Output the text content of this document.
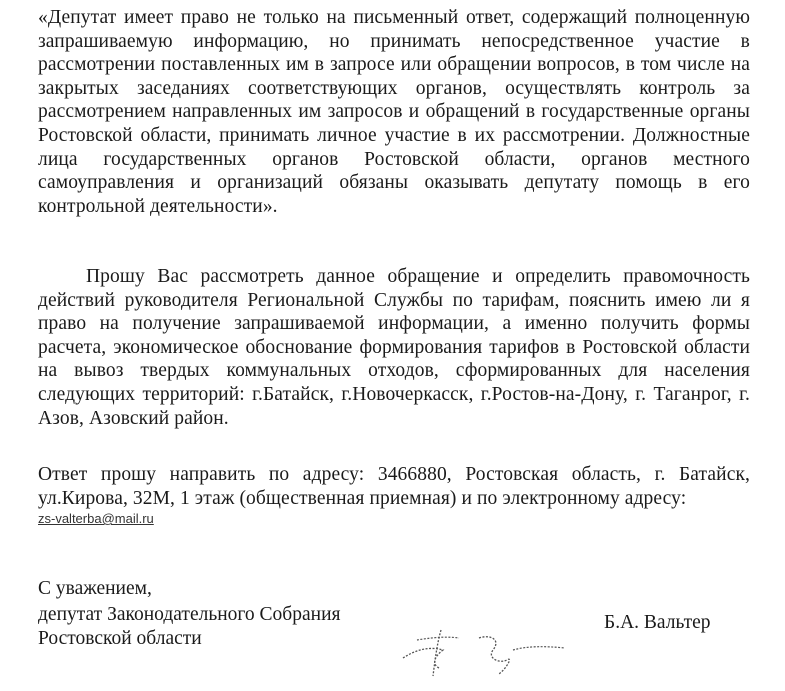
«Депутат имеет право не только на письменный ответ, содержащий полноценную запрашиваемую информацию, но принимать непосредственное участие в рассмотрении поставленных им в запросе или обращении вопросов, в том числе на закрытых заседаниях соответствующих органов, осуществлять контроль за рассмотрением направленных им запросов и обращений в государственные органы Ростовской области, принимать личное участие в их рассмотрении. Должностные лица государственных органов Ростовской области, органов местного самоуправления и организаций обязаны оказывать депутату помощь в его контрольной деятельности».

Прошу Вас рассмотреть данное обращение и определить правомочность действий руководителя Региональной Службы по тарифам, пояснить имею ли я право на получение запрашиваемой информации, а именно получить формы расчета, экономическое обоснование формирования тарифов в Ростовской области на вывоз твердых коммунальных отходов, сформированных для населения следующих территорий: г.Батайск, г.Новочеркасск, г.Ростов-на-Дону, г. Таганрог, г. Азов, Азовский район.

Ответ прошу направить по адресу: 3466880, Ростовская область, г. Батайск, ул.Кирова, 32М, 1 этаж (общественная приемная) и по электронному адресу:

zs-valterba@mail.ru

С уважением,

депутат Законодательного Собрания

Ростовской области

Б.А. Вальтер
